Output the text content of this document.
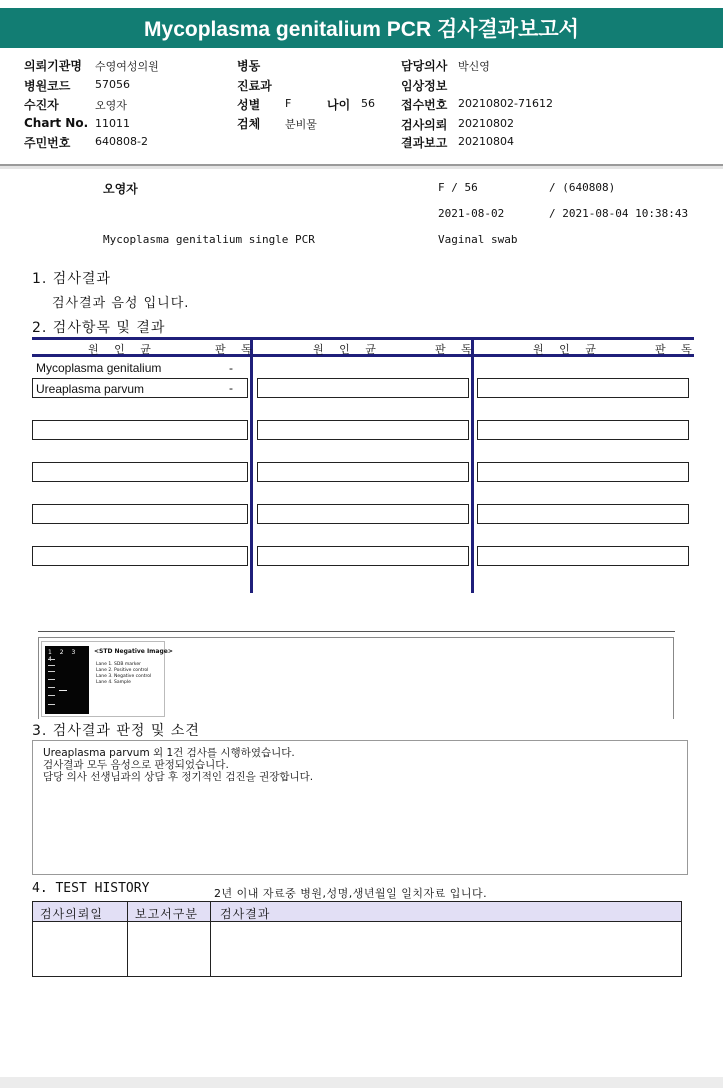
Mycoplasma genitalium PCR 검사결과보고서
의뢰기관명 수영여성의원
병원코드 57056
수진자	오영자
Chart No. 11011
주민번호 640808-2
병동
진료과
성별 F	나이 56
검체 분비물
담당의사 박신영
임상정보
접수번호 20210802-71612
검사의뢰 20210802
결과보고 20210804
오영자	F / 56	/ (640808)
2021-08-02	/ 2021-08-04 10:38:43
Mycoplasma genitalium single PCR	Vaginal swab
1. 검사결과
검사결과 음성 입니다.
2. 검사항목 및 결과
원 인 균	판 독	원 인 균	판 독	원 인 균	판 독
Mycoplasma genitalium	-
Ureaplasma parvum	-
1 2 3	<STD Negative Image>
Lane 1. SDB marker
Lane 2. Positive control
Lane 3. Negative control
Lane 4. Sample
3. 검사결과 판정 및 소견
Ureaplasma parvum 외 1건 검사를 시행하였습니다.
검사결과 모두 음성으로 판정되었습니다.
담당 의사 선생님과의 상담 후 정기적인 검진을 권장합니다.
4. TEST HISTORY	2년 이내 자료중 병원,성명,생년월일 일치자료 입니다.
검사의뢰일	보고서구분 검사결과
